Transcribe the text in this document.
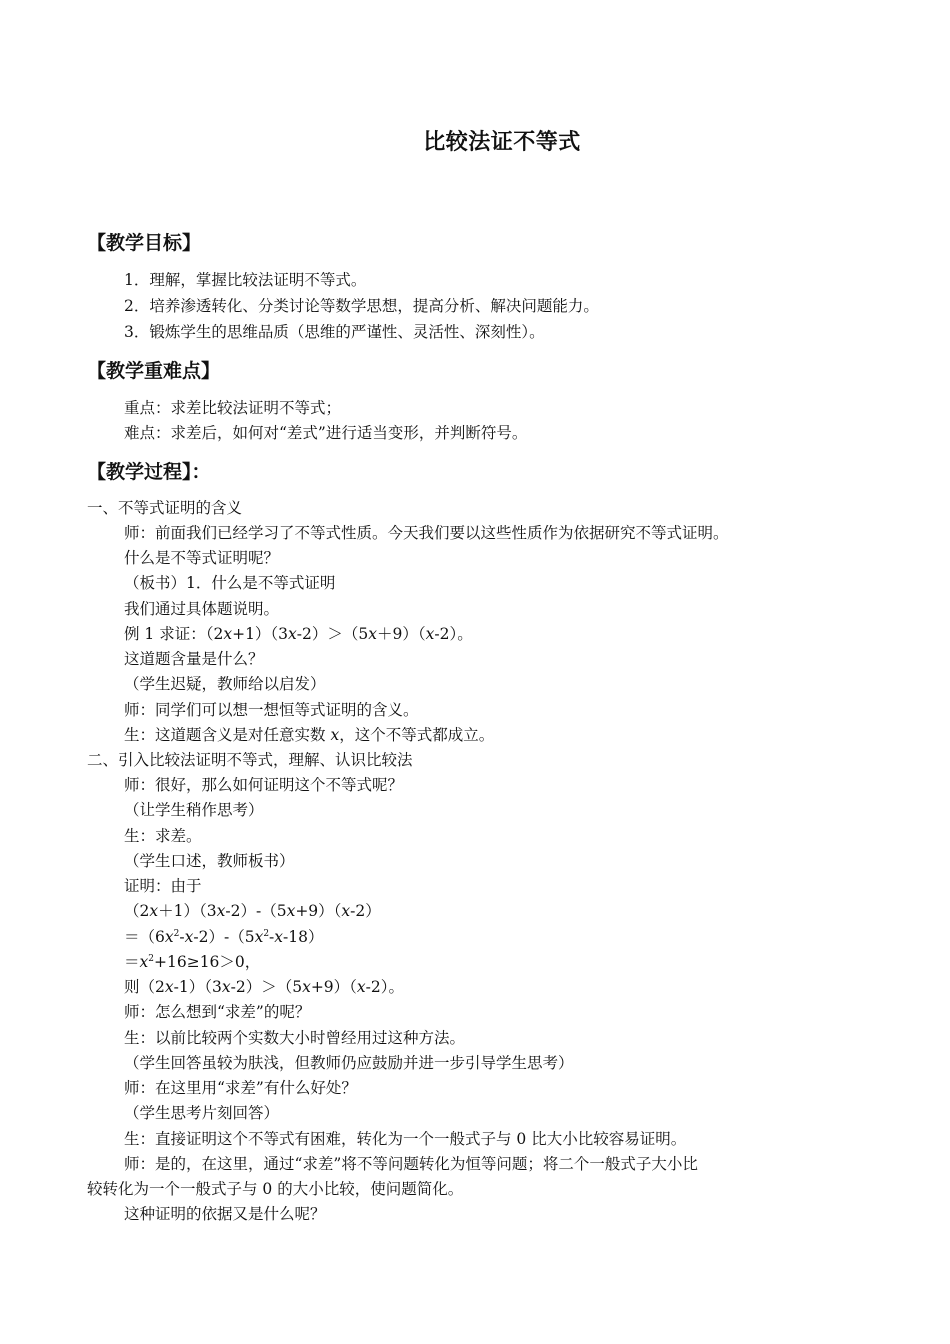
比较法证不等式
【教学目标】
1．理解，掌握比较法证明不等式。
2．培养渗透转化、分类讨论等数学思想，提高分析、解决问题能力。
3．锻炼学生的思维品质（思维的严谨性、灵活性、深刻性）。
【教学重难点】
重点：求差比较法证明不等式；
难点：求差后，如何对“差式”进行适当变形，并判断符号。
【教学过程】：
一、不等式证明的含义
师：前面我们已经学习了不等式性质。今天我们要以这些性质作为依据研究不等式证明。
什么是不等式证明呢？
（板书）1．什么是不等式证明
我们通过具体题说明。
例 1 求证：（2x+1）（3x-2）＞（5x＋9）（x-2）。
这道题含量是什么？
（学生迟疑，教师给以启发）
师：同学们可以想一想恒等式证明的含义。
生：这道题含义是对任意实数 x，这个不等式都成立。
二、引入比较法证明不等式，理解、认识比较法
师：很好，那么如何证明这个不等式呢？
（让学生稍作思考）
生：求差。
（学生口述，教师板书）
证明：由于
（2x＋1）（3x-2）-（5x+9）（x-2）
$=(6x^2-x-2)-(5x^2-x-18)$
$=x^2+16\ge 16>0$，
则（2x-1）（3x-2）＞（5x+9）（x-2）。
师：怎么想到“求差”的呢？
生：以前比较两个实数大小时曾经用过这种方法。
（学生回答虽较为肤浅，但教师仍应鼓励并进一步引导学生思考）
师：在这里用“求差”有什么好处？
（学生思考片刻回答）
生：直接证明这个不等式有困难，转化为一个一般式子与 0 比大小比较容易证明。
师：是的，在这里，通过“求差”将不等问题转化为恒等问题；将二个一般式子大小比
较转化为一个一般式子与 0 的大小比较，使问题简化。
这种证明的依据又是什么呢？
